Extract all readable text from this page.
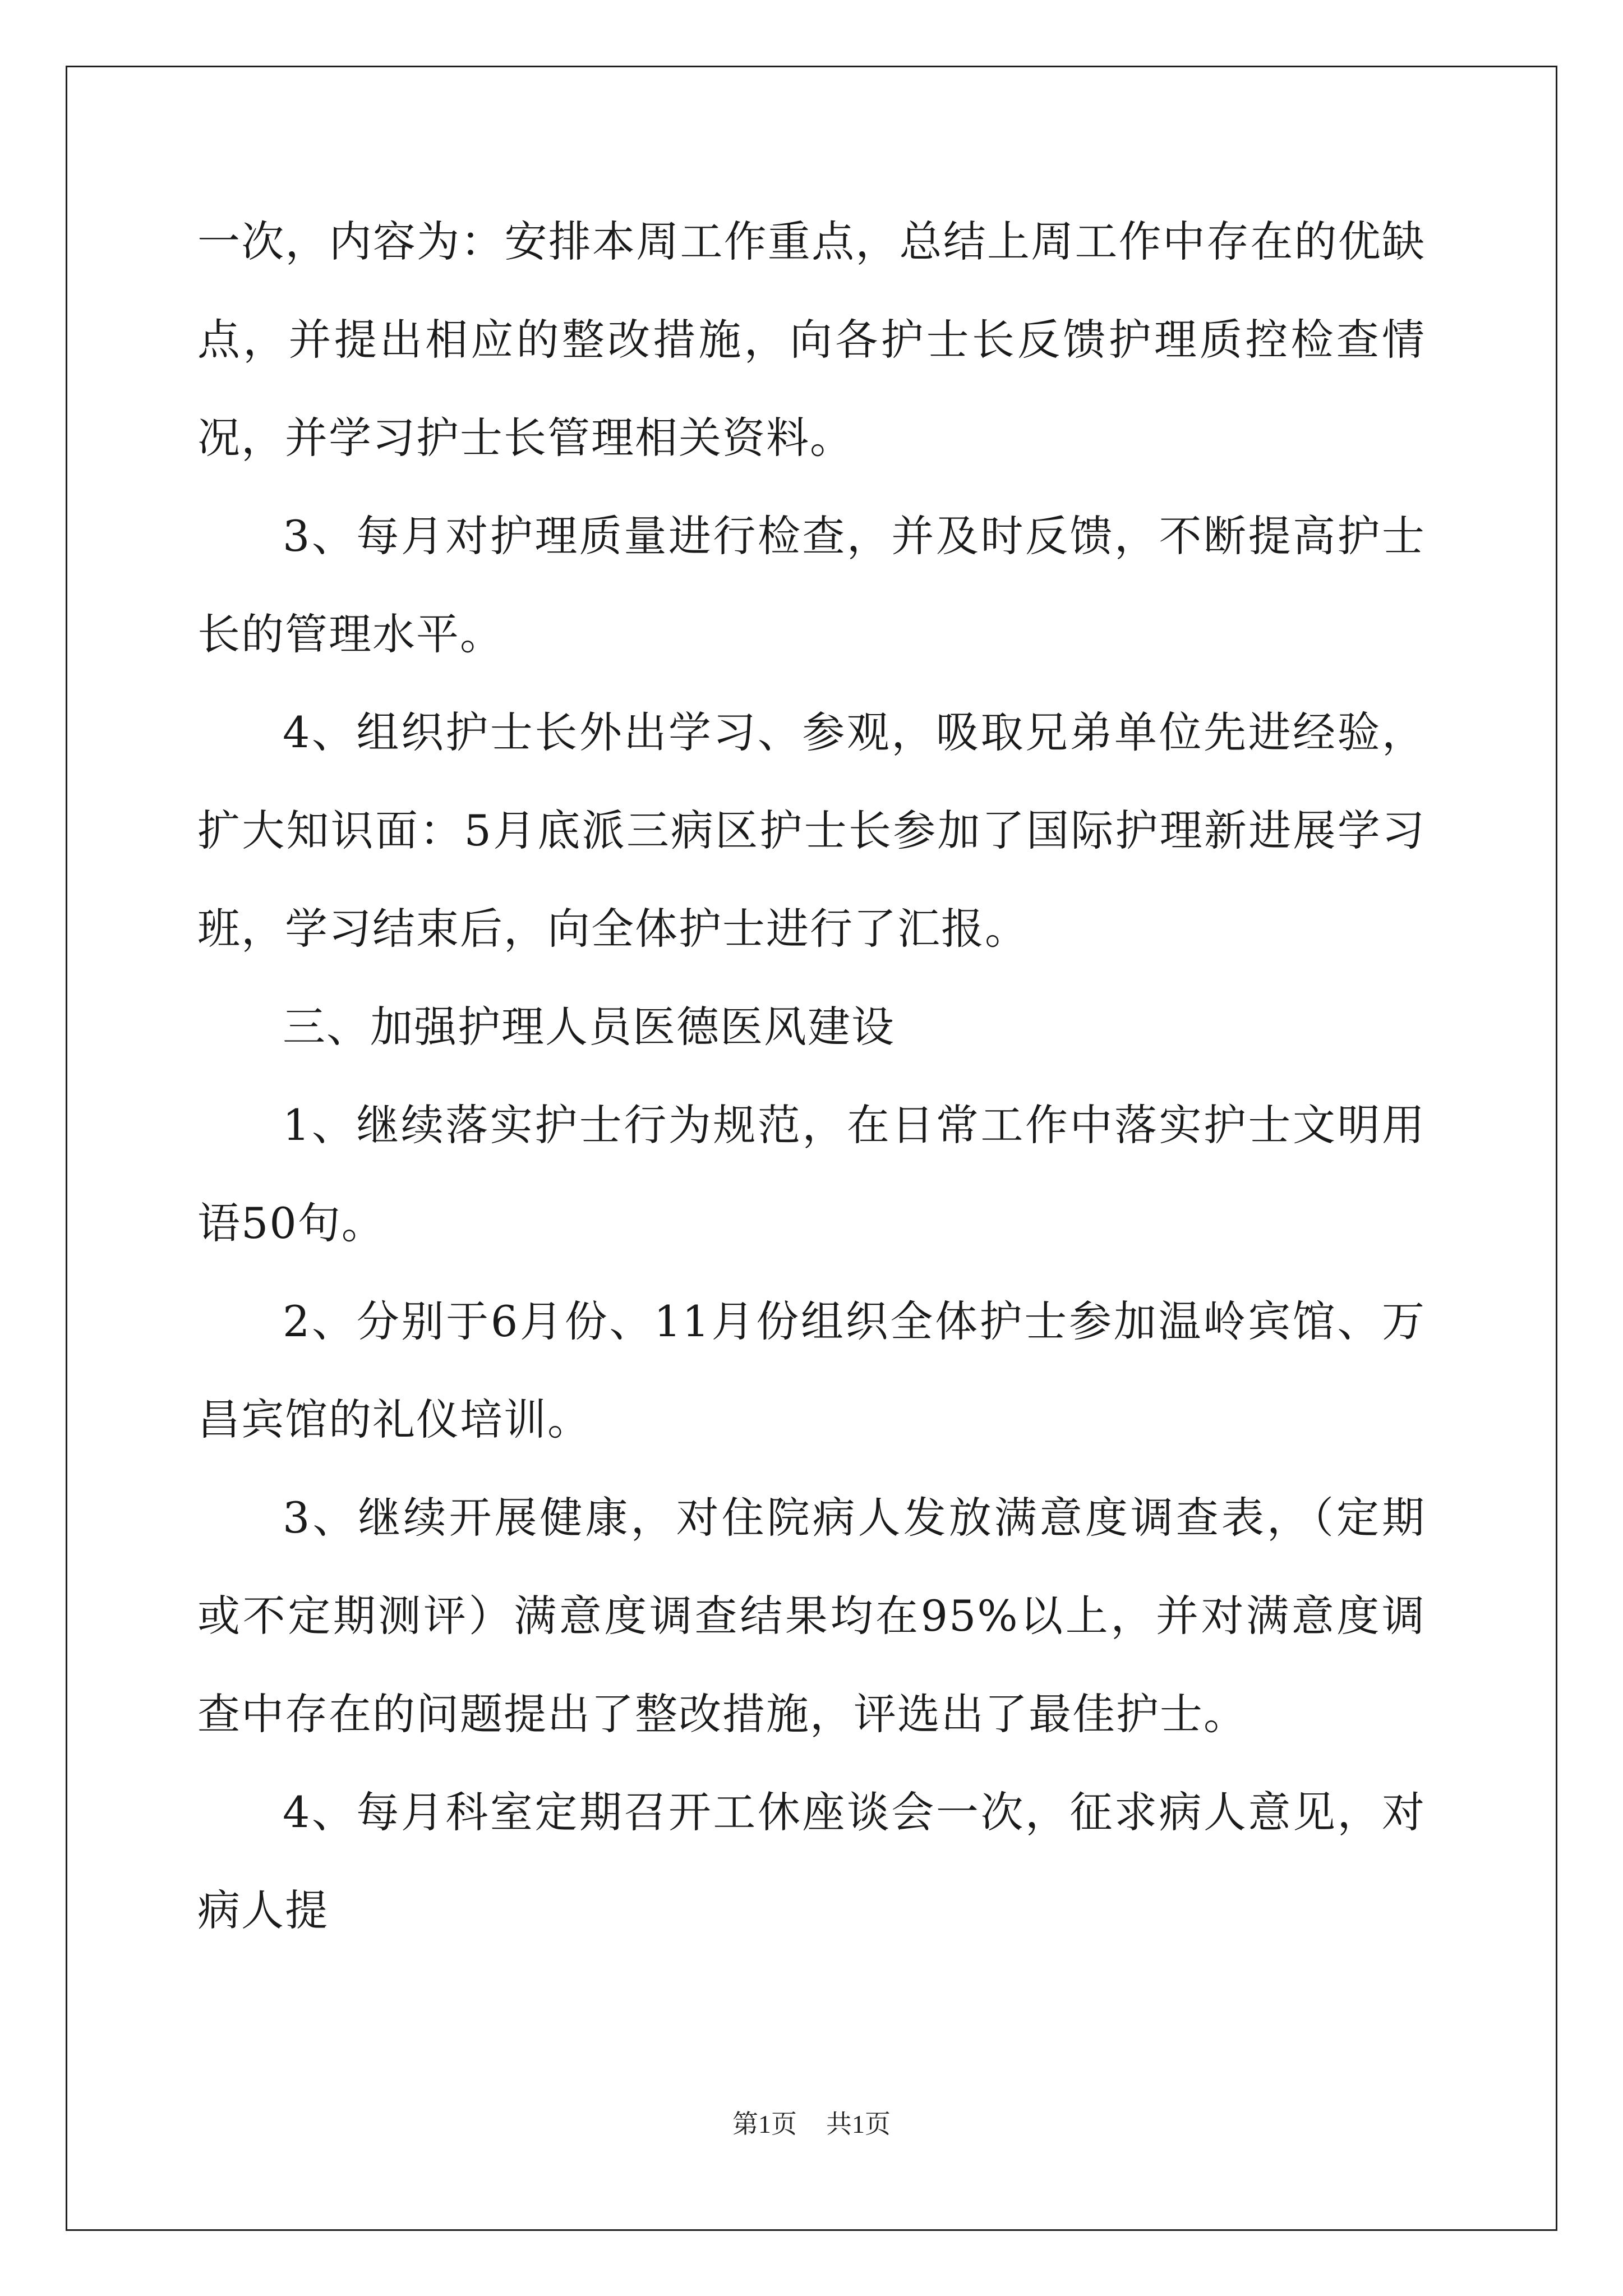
一次，内容为：安排本周工作重点，总结上周工作中存在的优缺点，并提出相应的整改措施，向各护士长反馈护理质控检查情况，并学习护士长管理相关资料。

3、每月对护理质量进行检查，并及时反馈，不断提高护士长的管理水平。

4、组织护士长外出学习、参观，吸取兄弟单位先进经验，扩大知识面：5月底派三病区护士长参加了国际护理新进展学习班，学习结束后，向全体护士进行了汇报。

三、加强护理人员医德医风建设

1、继续落实护士行为规范，在日常工作中落实护士文明用语50句。

2、分别于6月份、11月份组织全体护士参加温岭宾馆、万昌宾馆的礼仪培训。

3、继续开展健康，对住院病人发放满意度调查表，（定期或不定期测评）满意度调查结果均在95%以上，并对满意度调查中存在的问题提出了整改措施，评选出了最佳护士。

4、每月科室定期召开工休座谈会一次，征求病人意见，对病人提

第1页 共1页
